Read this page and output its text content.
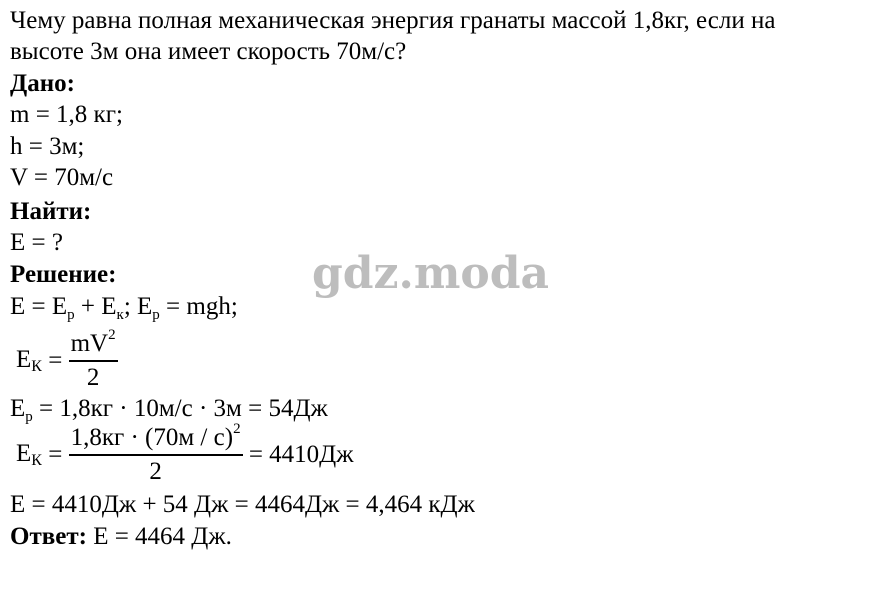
Чему равна полная механическая энергия гранаты массой 1,8кг, если на
высоте 3м она имеет скорость 70м/с?
Дано:
m = 1,8 кг;
h = 3м;
V = 70м/с
Найти:
E = ?
gdz.moda
Решение:
$E = E_р + E_к$; $E_р$ = mgh;
EК = $\frac{mV^2}{2}$
$E_р = 1,8кг \cdot 10м/с \cdot 3м = 54Дж$
EК = $\frac{1,8кг \cdot (70м / с)^2}{2} = 4410Дж$
E = 4410Дж + 54 Дж = 4464Дж = 4,464 кДж
Ответ: E = 4464 Дж.
